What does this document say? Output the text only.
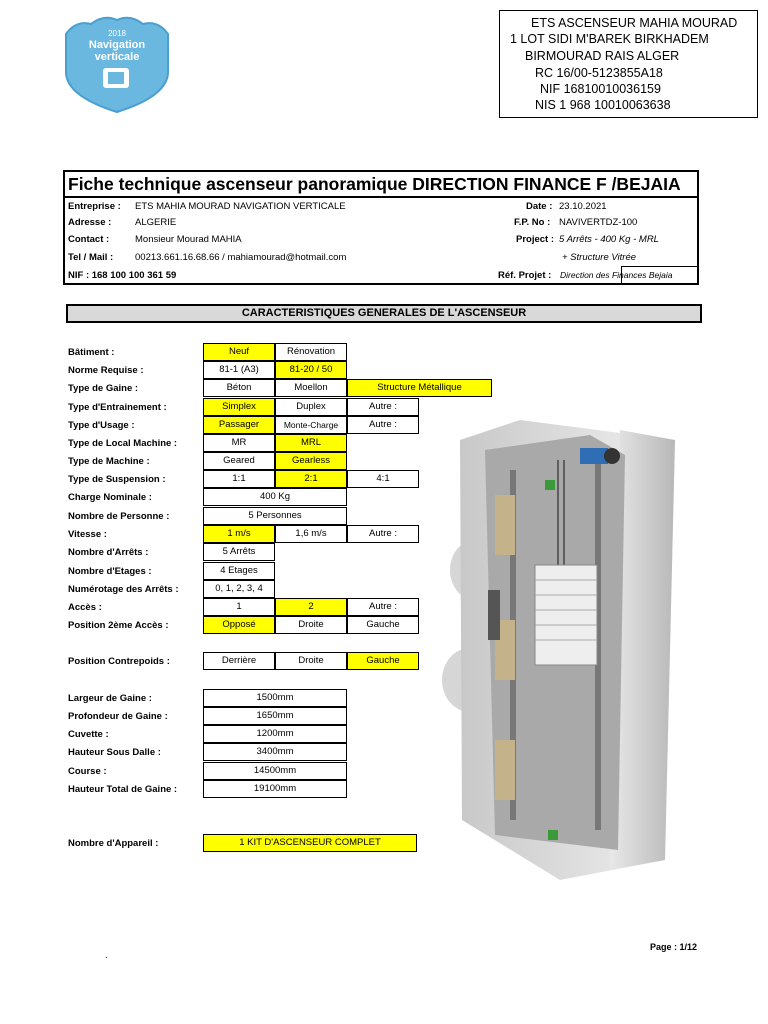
2018
Navigation
verticale
ETS ASCENSEUR MAHIA MOURAD
1 LOT SIDI M'BAREK BIRKHADEM
BIRMOURAD RAIS ALGER
RC 16/00-5123855A18
NIF 16810010036159
NIS 1 968 10010063638
Fiche technique ascenseur panoramique DIRECTION FINANCE F /BEJAIA
Entreprise : ETS MAHIA MOURAD NAVIGATION VERTICALE
Adresse : ALGERIE
Contact :	Monsieur Mourad MAHIA
Tel / Mail : 00213.661.16.68.66 / mahiamourad@hotmail.com
NIF : 168 100 100 361 59
Date : 23.10.2021
F.P. No : NAVIVERTDZ-100
Project : 5 Arrêts - 400 Kg - MRL
+ Structure Vitrée
Réf. Projet : Direction des Finances Bejaia
CARACTERISTIQUES GENERALES DE L'ASCENSEUR
Bâtiment :	Neuf	Rénovation
Norme Requise :	81-1 (A3)	81-20 / 50
Type de Gaine :	Béton	Moellon	Structure Métallique
Type d'Entrainement :	Simplex	Duplex	Autre :
Type d'Usage :	Passager	Monte-Charge	Autre :
Type de Local Machine :	MR	MRL
Type de Machine :	Geared	Gearless
Type de Suspension :	1:1	2:1	4:1
Charge Nominale :	400 Kg
Nombre de Personne :	5 Personnes
Vitesse :	1 m/s	1,6 m/s	Autre :
Nombre d'Arrêts :	5 Arrêts
Nombre d'Etages :	4 Etages
Numérotage des Arrêts :	0, 1, 2, 3, 4
Accès :	1	2	Autre :
Position 2ème Accès :	Opposé	Droite	Gauche
Position Contrepoids :	Derrière	Droite	Gauche
Largeur de Gaine :	1500mm
Profondeur de Gaine :	1650mm
Cuvette :	1200mm
Hauteur Sous Dalle :	3400mm
Course :	14500mm
Hauteur Total de Gaine :	19100mm
Nombre d'Appareil :	1 KIT D'ASCENSEUR COMPLET
Page : 1/12
.
